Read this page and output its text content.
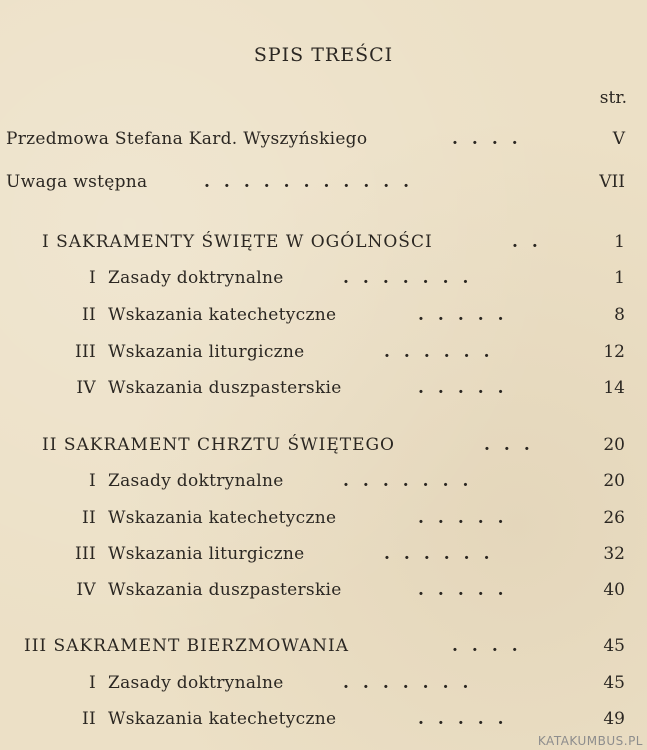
SPIS TREŚCI
str.
Przedmowa Stefana Kard. Wyszyńskiego	....	V
Uwaga wstępna	...........	VII
I SAKRAMENTY ŚWIĘTE W OGÓLNOŚCI	..	1
I Zasady doktrynalne	.......	1
II Wskazania katechetyczne	.....	8
III Wskazania liturgiczne	......	12
IV Wskazania duszpasterskie	.....	14
II SAKRAMENT CHRZTU ŚWIĘTEGO	...	20
I Zasady doktrynalne	.......	20
II Wskazania katechetyczne	.....	26
III Wskazania liturgiczne	......	32
IV Wskazania duszpasterskie	.....	40
III SAKRAMENT BIERZMOWANIA	....	45
I Zasady doktrynalne	.......	45
II Wskazania katechetyczne	.....	49
KATAKUMBUS.PL
